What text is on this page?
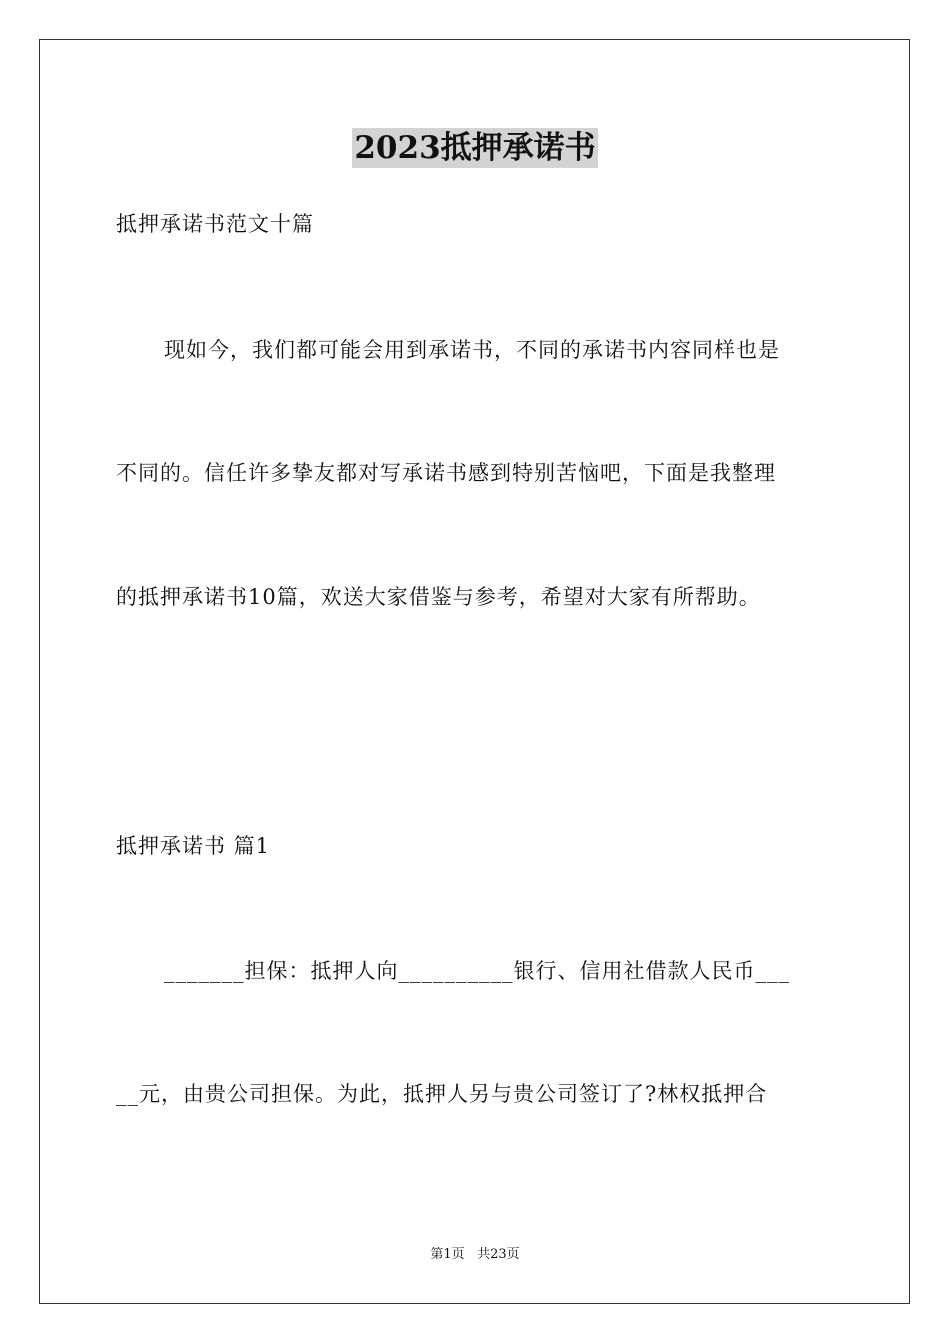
2023抵押承诺书
抵押承诺书范文十篇
现如今，我们都可能会用到承诺书，不同的承诺书内容同样也是
不同的。信任许多挚友都对写承诺书感到特别苦恼吧，下面是我整理
的抵押承诺书10篇，欢送大家借鉴与参考，希望对大家有所帮助。
抵押承诺书 篇1
_______担保：抵押人向__________银行、信用社借款人民币___
__元，由贵公司担保。为此，抵押人另与贵公司签订了?林权抵押合
第1页 共23页
